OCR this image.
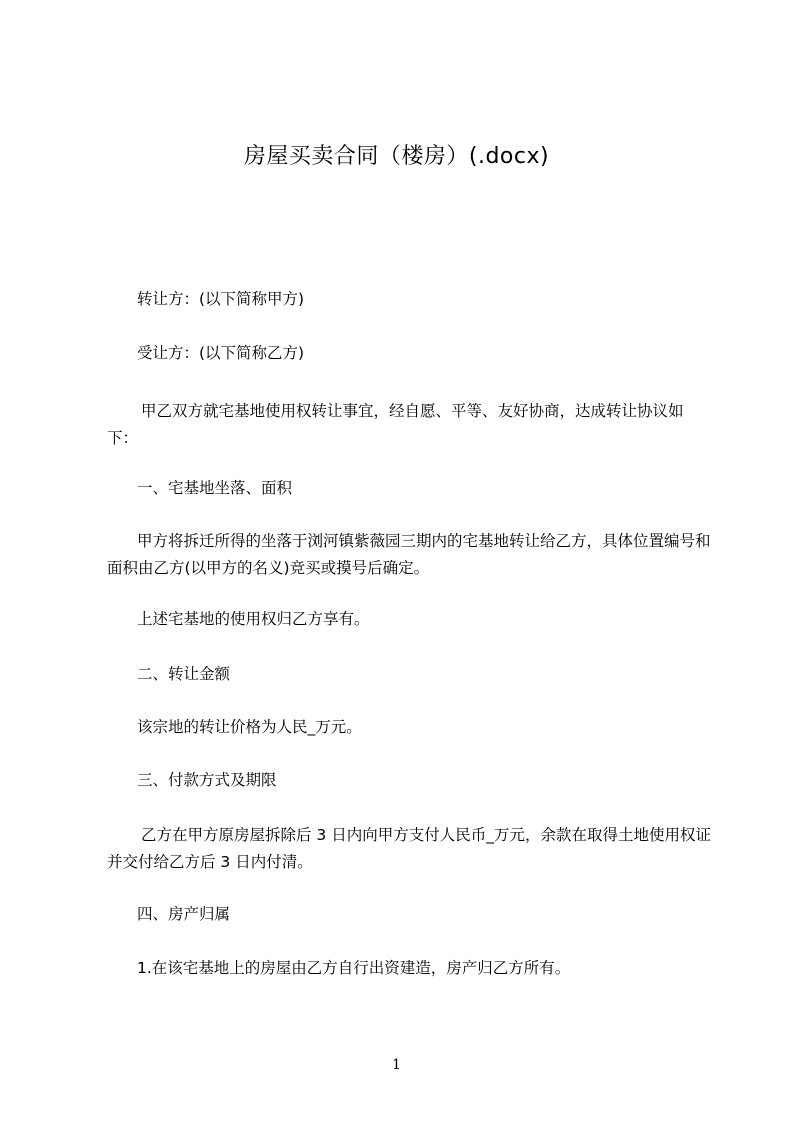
房屋买卖合同（楼房）(.docx)

转让方：(以下简称甲方)

受让方：(以下简称乙方)

甲乙双方就宅基地使用权转让事宜，经自愿、平等、友好协商，达成转让协议如下：

一、宅基地坐落、面积

甲方将拆迁所得的坐落于浏河镇紫薇园三期内的宅基地转让给乙方，具体位置编号和面积由乙方(以甲方的名义)竞买或摸号后确定。

上述宅基地的使用权归乙方享有。

二、转让金额

该宗地的转让价格为人民_万元。

三、付款方式及期限

乙方在甲方原房屋拆除后 3 日内向甲方支付人民币_万元，余款在取得土地使用权证并交付给乙方后 3 日内付清。

四、房产归属

1.在该宅基地上的房屋由乙方自行出资建造，房产归乙方所有。

1
